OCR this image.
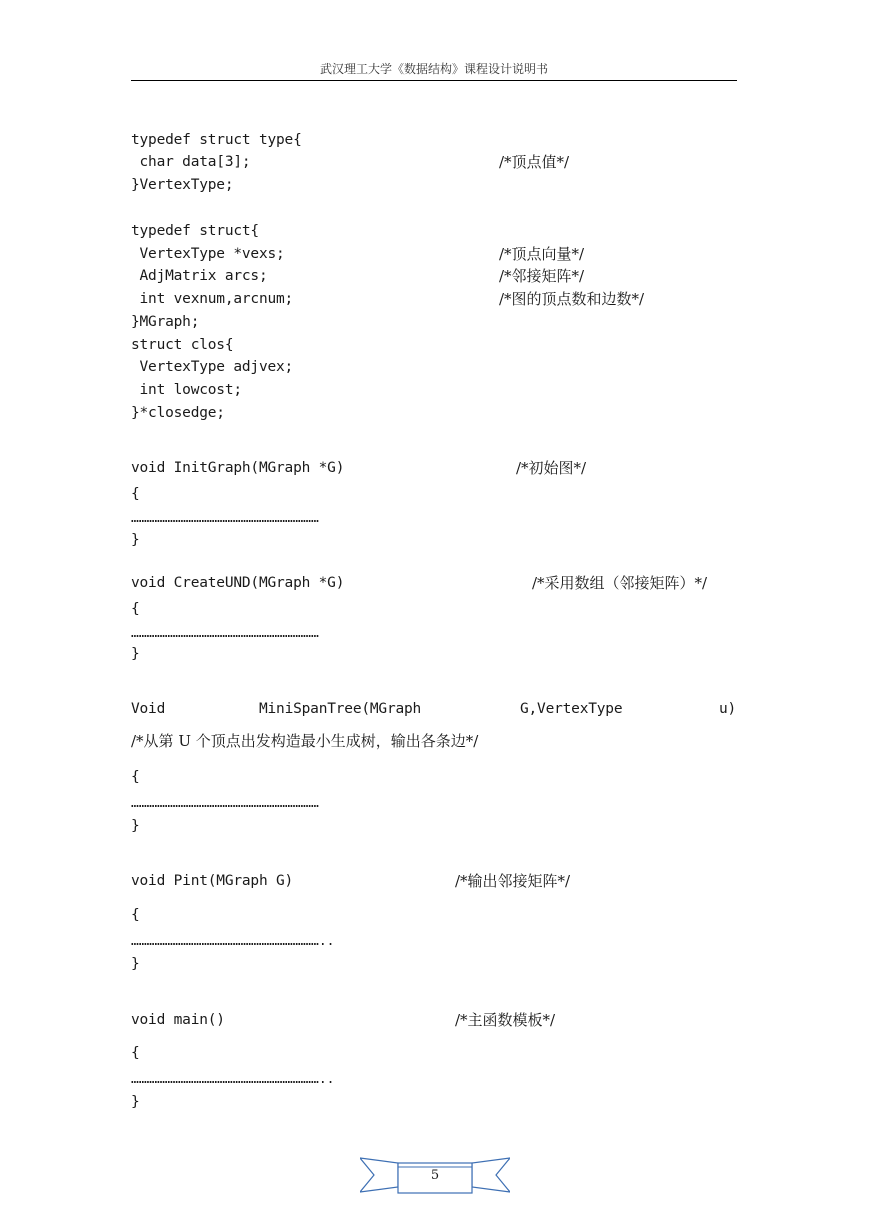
武汉理工大学《数据结构》课程设计说明书
typedef struct type{
char data[3];	/*顶点值*/
}VertexType;
typedef struct{
VertexType *vexs;	/*顶点向量*/
AdjMatrix arcs;	/*邻接矩阵*/
int vexnum,arcnum;	/*图的顶点数和边数*/
}MGraph;
struct clos{
VertexType adjvex;
int lowcost;
}*closedge;
void InitGraph(MGraph *G)	/*初始图*/
{
………………………………………………………………
}
void CreateUND(MGraph *G)	/*采用数组（邻接矩阵）*/
{
………………………………………………………………
}
Void	MiniSpanTree(MGraph	G,VertexType	u)
/*从第 U 个顶点出发构造最小生成树，输出各条边*/
{
………………………………………………………………
}
void Pint(MGraph G)	/*输出邻接矩阵*/
{
………………………………………………………………..
}
void main()	/*主函数模板*/
{
………………………………………………………………..
}
5
